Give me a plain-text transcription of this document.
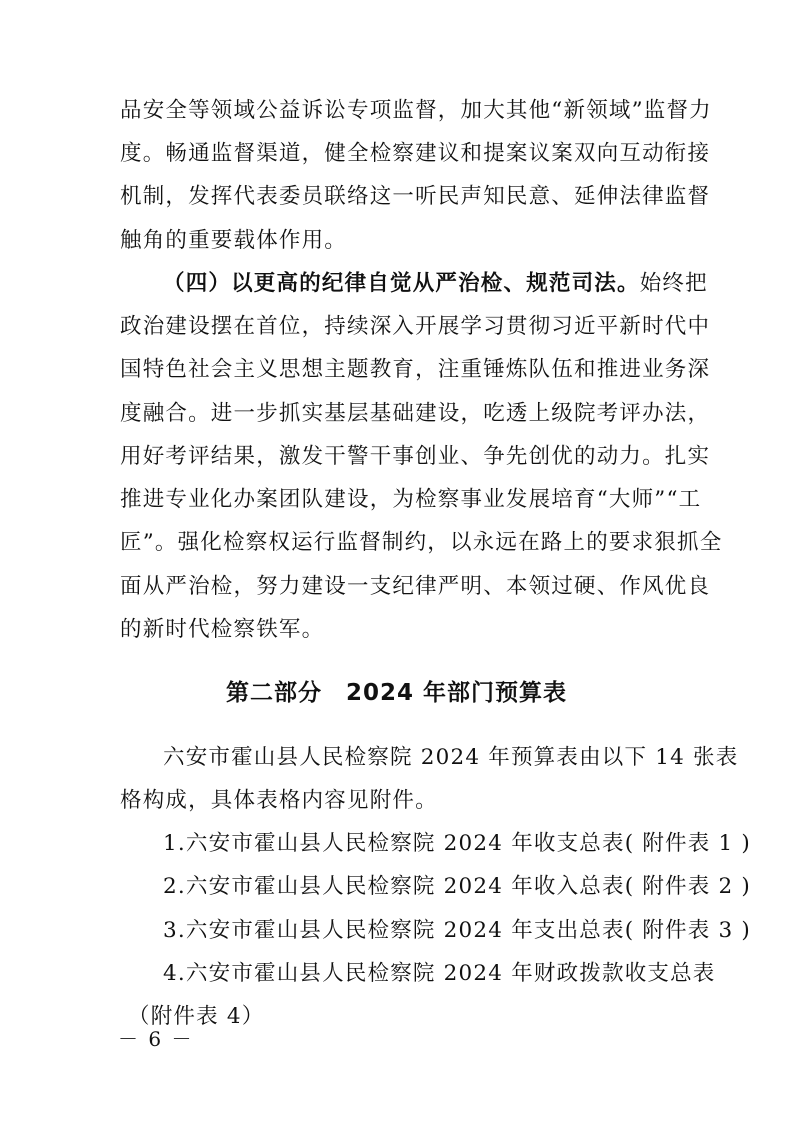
品安全等领域公益诉讼专项监督，加大其他“新领域”监督力
度。畅通监督渠道，健全检察建议和提案议案双向互动衔接
机制，发挥代表委员联络这一听民声知民意、延伸法律监督
触角的重要载体作用。
（四）以更高的纪律自觉从严治检、规范司法。始终把
政治建设摆在首位，持续深入开展学习贯彻习近平新时代中
国特色社会主义思想主题教育，注重锤炼队伍和推进业务深
度融合。进一步抓实基层基础建设，吃透上级院考评办法，
用好考评结果，激发干警干事创业、争先创优的动力。扎实
推进专业化办案团队建设，为检察事业发展培育“大师”“工
匠”。强化检察权运行监督制约，以永远在路上的要求狠抓全
面从严治检，努力建设一支纪律严明、本领过硬、作风优良
的新时代检察铁军。
第二部分　2024 年部门预算表
六安市霍山县人民检察院 2024 年预算表由以下 14 张表
格构成，具体表格内容见附件。
1.六安市霍山县人民检察院 2024 年收支总表( 附件表 1 )
2.六安市霍山县人民检察院 2024 年收入总表( 附件表 2 )
3.六安市霍山县人民检察院 2024 年支出总表( 附件表 3 )
－ 6 －
4.六安市霍山县人民检察院 2024 年财政拨款收支总表
（附件表 4）
